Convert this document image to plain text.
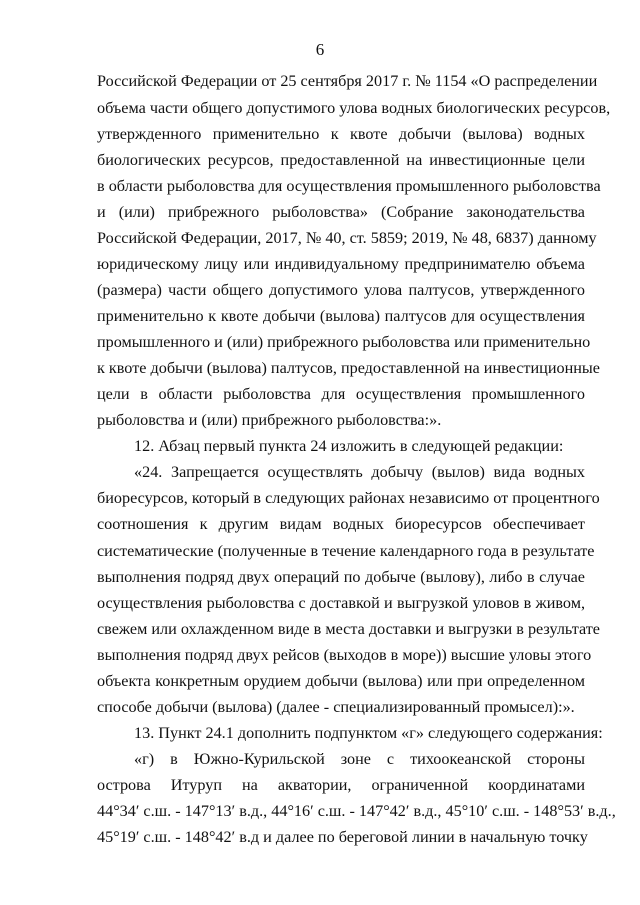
6
Российской Федерации от 25 сентября 2017 г. № 1154 «О распределении
объема части общего допустимого улова водных биологических ресурсов,
утвержденного применительно к квоте добычи (вылова) водных
биологических ресурсов, предоставленной на инвестиционные цели
в области рыболовства для осуществления промышленного рыболовства
и (или) прибрежного рыболовства» (Собрание законодательства
Российской Федерации, 2017, № 40, ст. 5859; 2019, № 48, 6837) данному
юридическому лицу или индивидуальному предпринимателю объема
(размера) части общего допустимого улова палтусов, утвержденного
применительно к квоте добычи (вылова) палтусов для осуществления
промышленного и (или) прибрежного рыболовства или применительно
к квоте добычи (вылова) палтусов, предоставленной на инвестиционные
цели в области рыболовства для осуществления промышленного
рыболовства и (или) прибрежного рыболовства:».
12. Абзац первый пункта 24 изложить в следующей редакции:
«24. Запрещается осуществлять добычу (вылов) вида водных
биоресурсов, который в следующих районах независимо от процентного
соотношения к другим видам водных биоресурсов обеспечивает
систематические (полученные в течение календарного года в результате
выполнения подряд двух операций по добыче (вылову), либо в случае
осуществления рыболовства с доставкой и выгрузкой уловов в живом,
свежем или охлажденном виде в места доставки и выгрузки в результате
выполнения подряд двух рейсов (выходов в море)) высшие уловы этого
объекта конкретным орудием добычи (вылова) или при определенном
способе добычи (вылова) (далее - специализированный промысел):».
13. Пункт 24.1 дополнить подпунктом «г» следующего содержания:
«г) в Южно-Курильской зоне с тихоокеанской стороны
острова Итуруп на акватории, ограниченной координатами
44°34′ с.ш. - 147°13′ в.д., 44°16′ с.ш. - 147°42′ в.д., 45°10′ с.ш. - 148°53′ в.д.,
45°19′ с.ш. - 148°42′ в.д и далее по береговой линии в начальную точку
